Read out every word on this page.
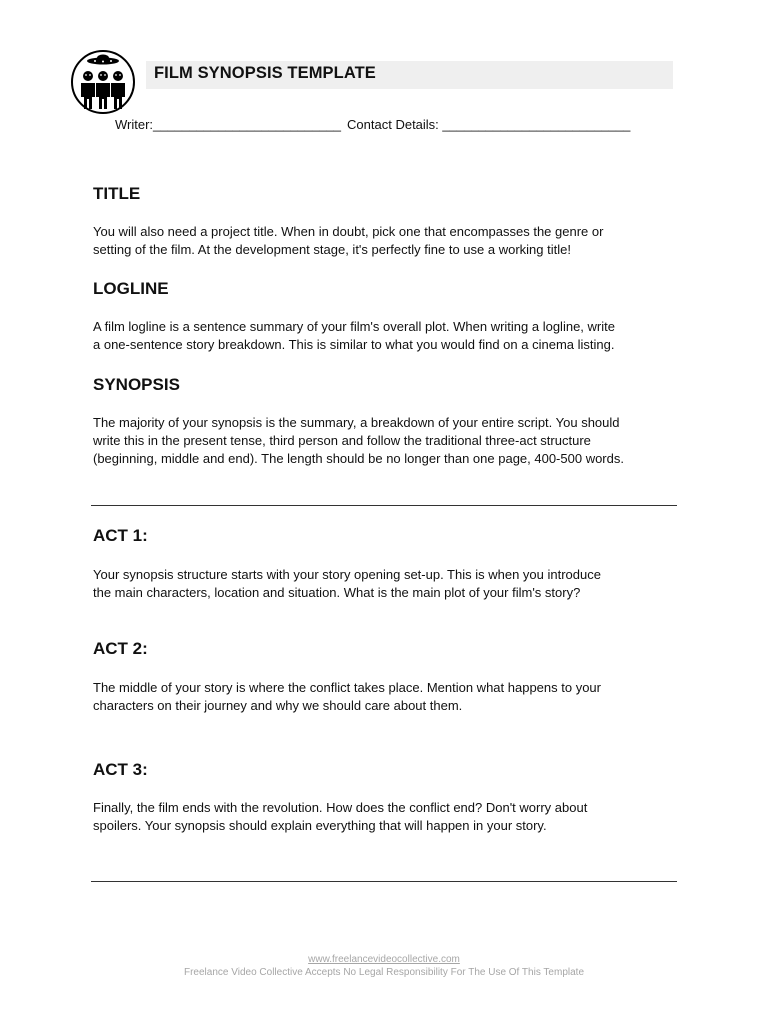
FILM SYNOPSIS TEMPLATE
Writer:__________________________ Contact Details: __________________________
TITLE

You will also need a project title. When in doubt, pick one that encompasses the genre or
setting of the film. At the development stage, it's perfectly fine to use a working title!

LOGLINE

A film logline is a sentence summary of your film's overall plot. When writing a logline, write
a one-sentence story breakdown. This is similar to what you would find on a cinema listing.

SYNOPSIS

The majority of your synopsis is the summary, a breakdown of your entire script. You should
write this in the present tense, third person and follow the traditional three-act structure
(beginning, middle and end). The length should be no longer than one page, 400-500 words.

ACT 1:

Your synopsis structure starts with your story opening set-up. This is when you introduce
the main characters, location and situation. What is the main plot of your film's story?

ACT 2:

The middle of your story is where the conflict takes place. Mention what happens to your
characters on their journey and why we should care about them.

ACT 3:

Finally, the film ends with the revolution. How does the conflict end? Don't worry about
spoilers. Your synopsis should explain everything that will happen in your story.

www.freelancevideocollective.com
Freelance Video Collective Accepts No Legal Responsibility For The Use Of This Template
